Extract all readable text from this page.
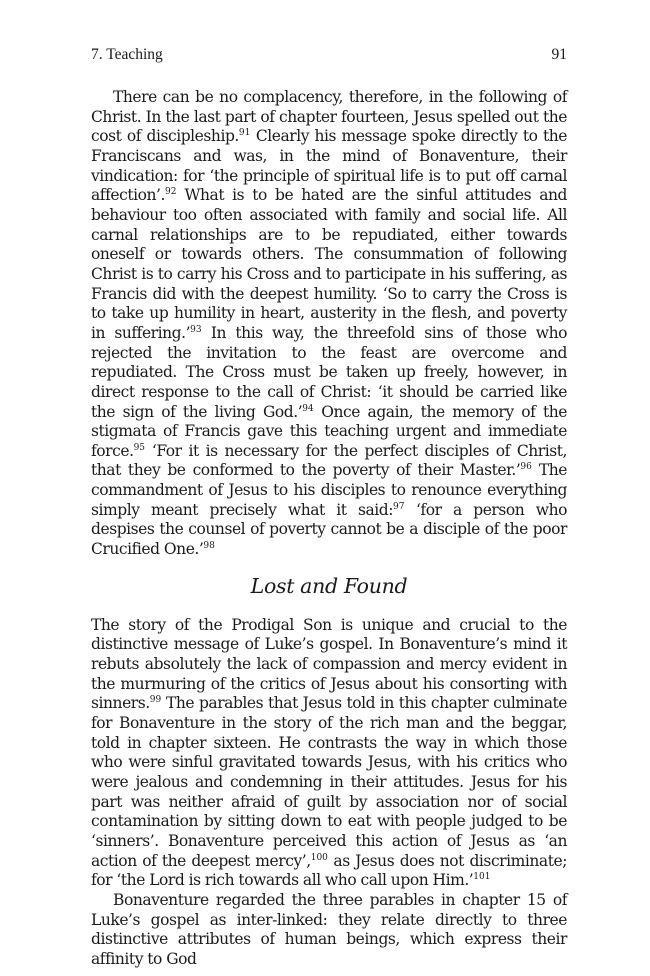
7. Teaching	91

There can be no complacency, therefore, in the following of Christ. In the last part of chapter fourteen, Jesus spelled out the cost of discipleship.$^{91}$ Clearly his message spoke directly to the Franciscans and was, in the mind of Bonaventure, their vindication: for ‘the principle of spiritual life is to put off carnal affection’.$^{92}$ What is to be hated are the sinful attitudes and behaviour too often associated with family and social life. All carnal relationships are to be repudiated, either towards oneself or towards others. The consummation of following Christ is to carry his Cross and to participate in his suffering, as Francis did with the deepest humility. ‘So to carry the Cross is to take up humility in heart, austerity in the flesh, and poverty in suffering.’$^{93}$ In this way, the threefold sins of those who rejected the invitation to the feast are overcome and repudiated. The Cross must be taken up freely, however, in direct response to the call of Christ: ‘it should be carried like the sign of the living God.’$^{94}$ Once again, the memory of the stigmata of Francis gave this teaching urgent and immediate force.$^{95}$ ‘For it is necessary for the perfect disciples of Christ, that they be conformed to the poverty of their Master.’$^{96}$ The commandment of Jesus to his disciples to renounce everything simply meant precisely what it said:$^{97}$ ‘for a person who despises the counsel of poverty cannot be a disciple of the poor Crucified One.’$^{98}$

Lost and Found

The story of the Prodigal Son is unique and crucial to the distinctive message of Luke’s gospel. In Bonaventure’s mind it rebuts absolutely the lack of compassion and mercy evident in the murmuring of the critics of Jesus about his consorting with sinners.$^{99}$ The parables that Jesus told in this chapter culminate for Bonaventure in the story of the rich man and the beggar, told in chapter sixteen. He contrasts the way in which those who were sinful gravitated towards Jesus, with his critics who were jealous and condemning in their attitudes. Jesus for his part was neither afraid of guilt by association nor of social contamination by sitting down to eat with people judged to be ‘sinners’. Bonaventure perceived this action of Jesus as ‘an action of the deepest mercy’,$^{100}$ as Jesus does not discriminate; for ‘the Lord is rich towards all who call upon Him.’$^{101}$

Bonaventure regarded the three parables in chapter 15 of Luke’s gospel as inter-linked: they relate directly to three distinctive attributes of human beings, which express their affinity to God
